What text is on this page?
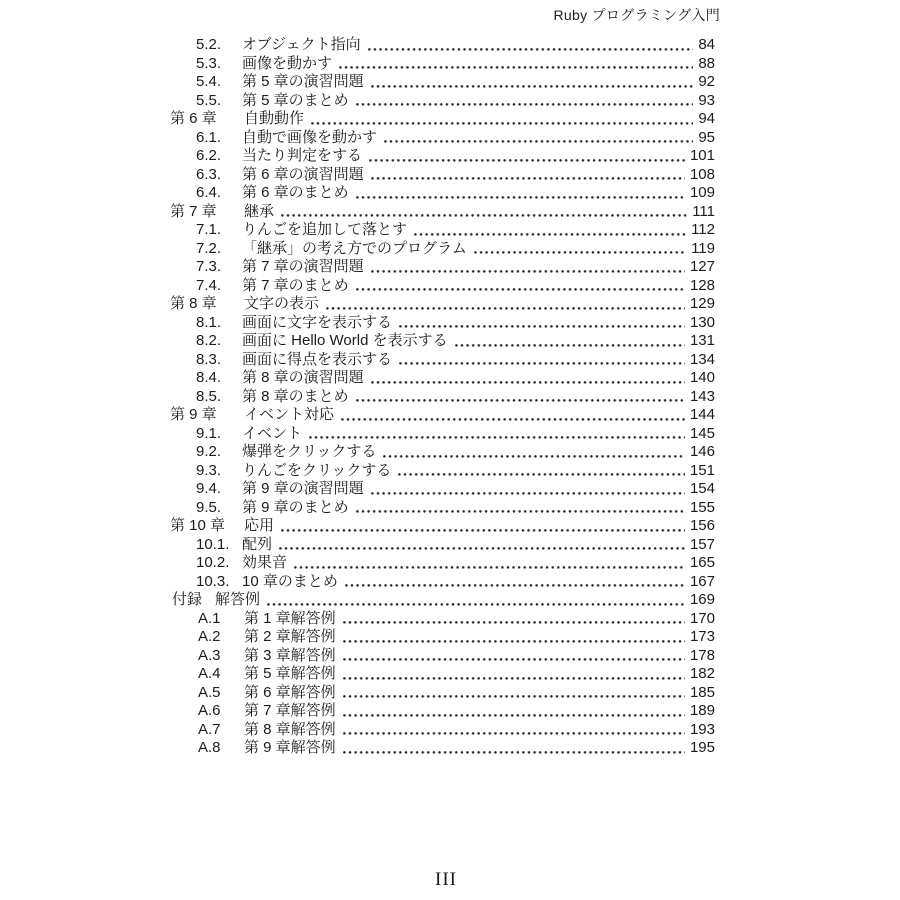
Ruby プログラミング入門
5.2.	オブジェクト指向	84
5.3.	画像を動かす	88
5.4.	第 5 章の演習問題	92
5.5.	第 5 章のまとめ	93
第 6 章	自動動作	94
6.1.	自動で画像を動かす	95
6.2.	当たり判定をする	101
6.3.	第 6 章の演習問題	108
6.4.	第 6 章のまとめ	109
第 7 章	継承	111
7.1.	りんごを追加して落とす	112
7.2.	「継承」の考え方でのプログラム	119
7.3.	第 7 章の演習問題	127
7.4.	第 7 章のまとめ	128
第 8 章	文字の表示	129
8.1.	画面に文字を表示する	130
8.2.	画面に Hello World を表示する	131
8.3.	画面に得点を表示する	134
8.4.	第 8 章の演習問題	140
8.5.	第 8 章のまとめ	143
第 9 章	イベント対応	144
9.1.	イベント	145
9.2.	爆弾をクリックする	146
9.3.	りんごをクリックする	151
9.4.	第 9 章の演習問題	154
9.5.	第 9 章のまとめ	155
第 10 章	応用	156
10.1. 配列	157
10.2. 効果音	165
10.3. 10 章のまとめ	167
付録 解答例	169
A.1	第 1 章解答例	170
A.2	第 2 章解答例	173
A.3	第 3 章解答例	178
A.4	第 5 章解答例	182
A.5	第 6 章解答例	185
A.6	第 7 章解答例	189
A.7	第 8 章解答例	193
A.8	第 9 章解答例	195
III
